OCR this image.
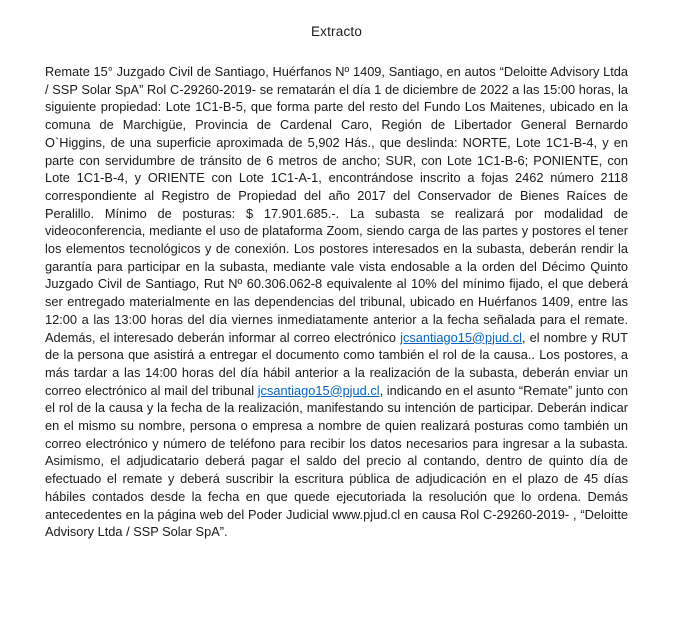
Extracto

Remate 15° Juzgado Civil de Santiago, Huérfanos Nº 1409, Santiago, en autos “Deloitte Advisory Ltda / SSP Solar SpA” Rol C-29260-2019- se rematarán el día 1 de diciembre de 2022 a las 15:00 horas, la siguiente propiedad: Lote 1C1-B-5, que forma parte del resto del Fundo Los Maitenes, ubicado en la comuna de Marchigüe, Provincia de Cardenal Caro, Región de Libertador General Bernardo O`Higgins, de una superficie aproximada de 5,902 Hás., que deslinda: NORTE, Lote 1C1-B-4, y en parte con servidumbre de tránsito de 6 metros de ancho; SUR, con Lote 1C1-B-6; PONIENTE, con Lote 1C1-B-4, y ORIENTE con Lote 1C1-A-1, encontrándose inscrito a fojas 2462 número 2118 correspondiente al Registro de Propiedad del año 2017 del Conservador de Bienes Raíces de Peralillo. Mínimo de posturas: $ 17.901.685.-. La subasta se realizará por modalidad de videoconferencia, mediante el uso de plataforma Zoom, siendo carga de las partes y postores el tener los elementos tecnológicos y de conexión. Los postores interesados en la subasta, deberán rendir la garantía para participar en la subasta, mediante vale vista endosable a la orden del Décimo Quinto Juzgado Civil de Santiago, Rut Nº 60.306.062-8 equivalente al 10% del mínimo fijado, el que deberá ser entregado materialmente en las dependencias del tribunal, ubicado en Huérfanos 1409, entre las 12:00 a las 13:00 horas del día viernes inmediatamente anterior a la fecha señalada para el remate. Además, el interesado deberán informar al correo electrónico jcsantiago15@pjud.cl, el nombre y RUT de la persona que asistirá a entregar el documento como también el rol de la causa.. Los postores, a más tardar a las 14:00 horas del día hábil anterior a la realización de la subasta, deberán enviar un correo electrónico al mail del tribunal jcsantiago15@pjud.cl, indicando en el asunto “Remate” junto con el rol de la causa y la fecha de la realización, manifestando su intención de participar. Deberán indicar en el mismo su nombre, persona o empresa a nombre de quien realizará posturas como también un correo electrónico y número de teléfono para recibir los datos necesarios para ingresar a la subasta. Asimismo, el adjudicatario deberá pagar el saldo del precio al contando, dentro de quinto día de efectuado el remate y deberá suscribir la escritura pública de adjudicación en el plazo de 45 días hábiles contados desde la fecha en que quede ejecutoriada la resolución que lo ordena. Demás antecedentes en la página web del Poder Judicial www.pjud.cl en causa Rol C-29260-2019- , “Deloitte Advisory Ltda / SSP Solar SpA”.
